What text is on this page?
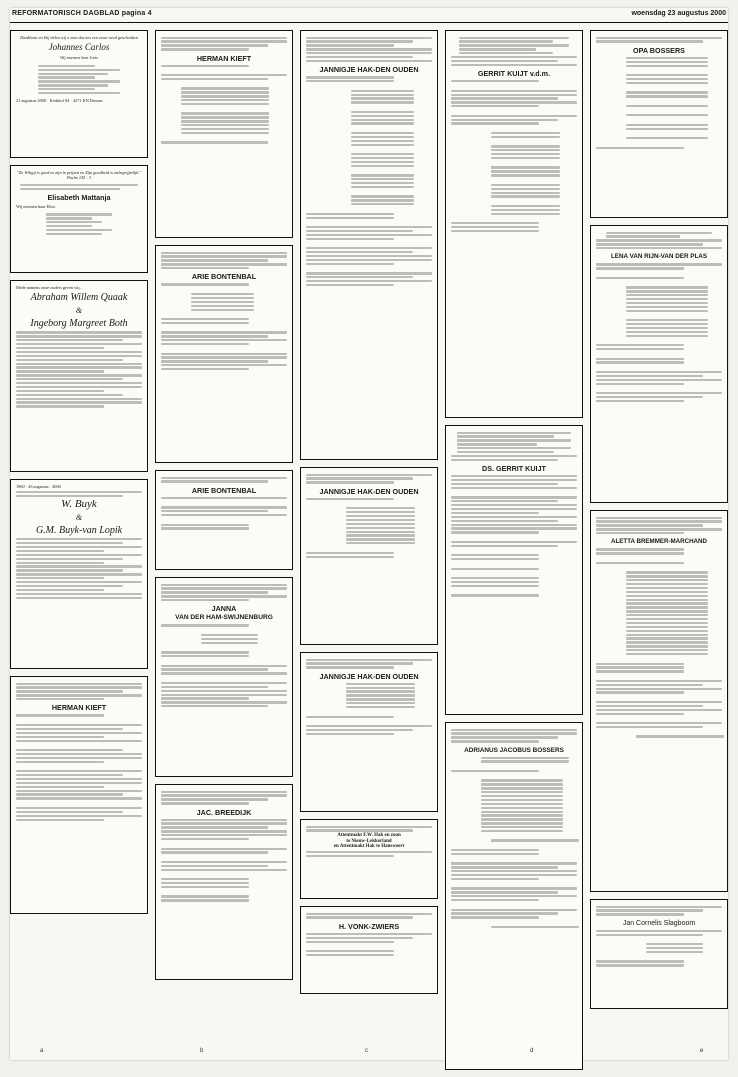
REFORMATORISCH DAGBLAD pagina 4	woensdag 23 augustus 2000

Dankbaar en blij delen wij u mee dat ons een zoon werd geschonken

Johannes Carlos

Wij noemen hem Joris

21 augustus 2000 · Kerkhof 84 · 4271 KN Dussen

"Zo Wiltgij is goed en zijn in prijzen en Zijn goedheid is onbegrijpelijk." Psalm 145 : 3

Elisabeth Mattanja

Wij noemen haar Elise.

Mede namens onze ouders geven wij,

Abraham Willem Quaak

&

Ingeborg Margreet Both

1960 · 26 augustus · 2000

W. Buyk

&

G.M. Buyk-van Lopik

HERMAN KIEFT

HERMAN KIEFT

ARIE BONTENBAL

ARIE BONTENBAL

JANNA

VAN DER HAM-SWIJNENBURG

JAC. BREEDIJK

JANNIGJE HAK-DEN OUDEN

JANNIGJE HAK-DEN OUDEN

JANNIGJE HAK-DEN OUDEN

Attentmakt F.W. Hak en zoon

te Nieuw-Lekkerland

en Attentmakt Hak te Hansweert

H. VONK-ZWIERS

GERRIT KUIJT v.d.m.

DS. GERRIT KUIJT

ADRIANUS JACOBUS BOSSERS

OPA BOSSERS

LENA VAN RIJN-VAN DER PLAS

ALETTA BREMMER-MARCHAND

Jan Cornelis Slagboom

a	b	c	d	e
